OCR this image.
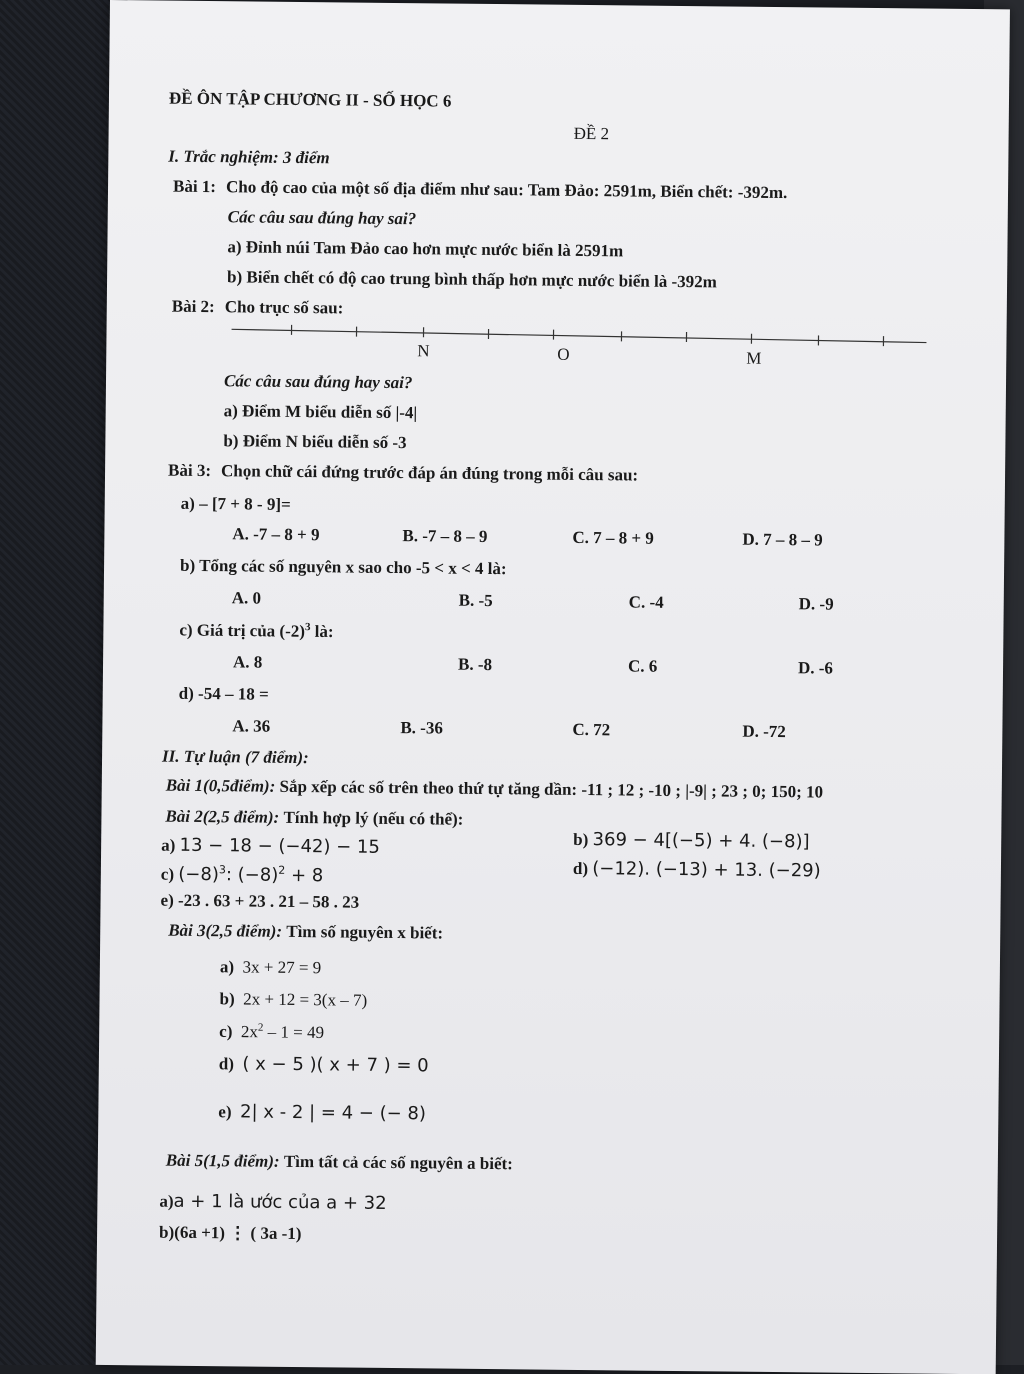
ĐỀ ÔN TẬP CHƯƠNG II - SỐ HỌC 6
ĐỀ 2
I. Trắc nghiệm: 3 điểm
Bài 1: Cho độ cao của một số địa điểm như sau: Tam Đảo: 2591m, Biển chết: -392m.
Các câu sau đúng hay sai?
a) Đỉnh núi Tam Đảo cao hơn mực nước biển là 2591m
b) Biển chết có độ cao trung bình thấp hơn mực nước biển là -392m
Bài 2: Cho trục số sau:
N	O	M
Các câu sau đúng hay sai?
a) Điểm M biểu diễn số |-4|
b) Điểm N biểu diễn số -3
Bài 3: Chọn chữ cái đứng trước đáp án đúng trong mỗi câu sau:
a) – [7 + 8 - 9]=
A. -7 – 8 + 9	B. -7 – 8 – 9	C. 7 – 8 + 9	D. 7 – 8 – 9
b) Tổng các số nguyên x sao cho -5 < x < 4 là:
A. 0	B. -5	C. -4	D. -9
c) Giá trị của $(-2)^3$ là:
A. 8	B. -8	C. 6	D. -6
d) -54 – 18 =
A. 36	B. -36	C. 72	D. -72
II. Tự luận (7 điểm):
Bài 1(0,5điểm): Sắp xếp các số trên theo thứ tự tăng dần: -11 ; 12 ; -10 ; |-9| ; 23 ; 0; 150; 10
Bài 2(2,5 điểm): Tính hợp lý (nếu có thể):
a) 13 − 18 − (−42) − 15	b) 369 − 4[(−5) + 4. (−8)]
c) $(-8)^3$: $(-8)^2 + 8$	d) (−12). (−13) + 13. (−29)
e) -23 . 63 + 23 . 21 – 58 . 23
Bài 3(2,5 điểm): Tìm số nguyên x biết:
a) 3x + 27 = 9
b) 2x + 12 = 3(x – 7)
c) $2x^2 - 1 = 49$
d) ( x − 5 )( x + 7 ) = 0
e) 2| x - 2 | = 4 − (− 8)
Bài 5(1,5 điểm): Tìm tất cả các số nguyên a biết:
a)a + 1 là ước của a + 32
b)(6a +1) ⋮ ( 3a -1)
